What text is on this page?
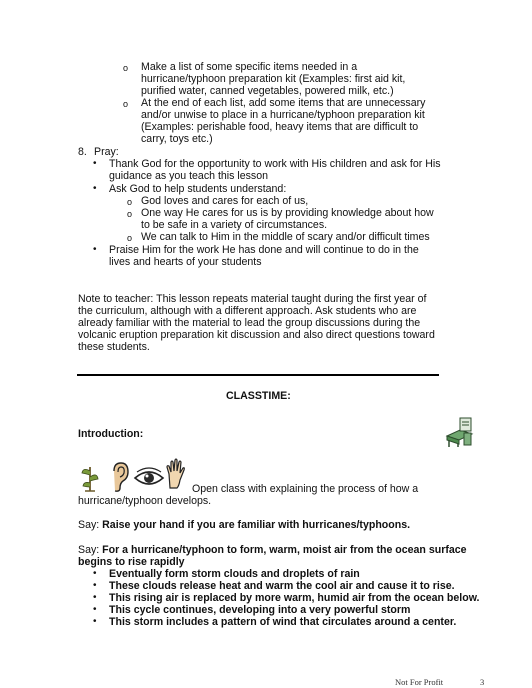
o Make a list of some specific items needed in a
hurricane/typhoon preparation kit (Examples: first aid kit,
purified water, canned vegetables, powered milk, etc.)
o At the end of each list, add some items that are unnecessary
and/or unwise to place in a hurricane/typhoon preparation kit
(Examples: perishable food, heavy items that are difficult to
carry, toys etc.)
8. Pray:
• Thank God for the opportunity to work with His children and ask for His
guidance as you teach this lesson
• Ask God to help students understand:
o God loves and cares for each of us,
o One way He cares for us is by providing knowledge about how
to be safe in a variety of circumstances.
o We can talk to Him in the middle of scary and/or difficult times
• Praise Him for the work He has done and will continue to do in the
lives and hearts of your students
Note to teacher: This lesson repeats material taught during the first year of
the curriculum, although with a different approach. Ask students who are
already familiar with the material to lead the group discussions during the
volcanic eruption preparation kit discussion and also direct questions toward
these students.
CLASSTIME:
Introduction:
Open class with explaining the process of how a
hurricane/typhoon develops.
Say: Raise your hand if you are familiar with hurricanes/typhoons.
Say: For a hurricane/typhoon to form, warm, moist air from the ocean surface
begins to rise rapidly
• Eventually form storm clouds and droplets of rain
• These clouds release heat and warm the cool air and cause it to rise.
• This rising air is replaced by more warm, humid air from the ocean below.
• This cycle continues, developing into a very powerful storm
• This storm includes a pattern of wind that circulates around a center.
Not For Profit	3
